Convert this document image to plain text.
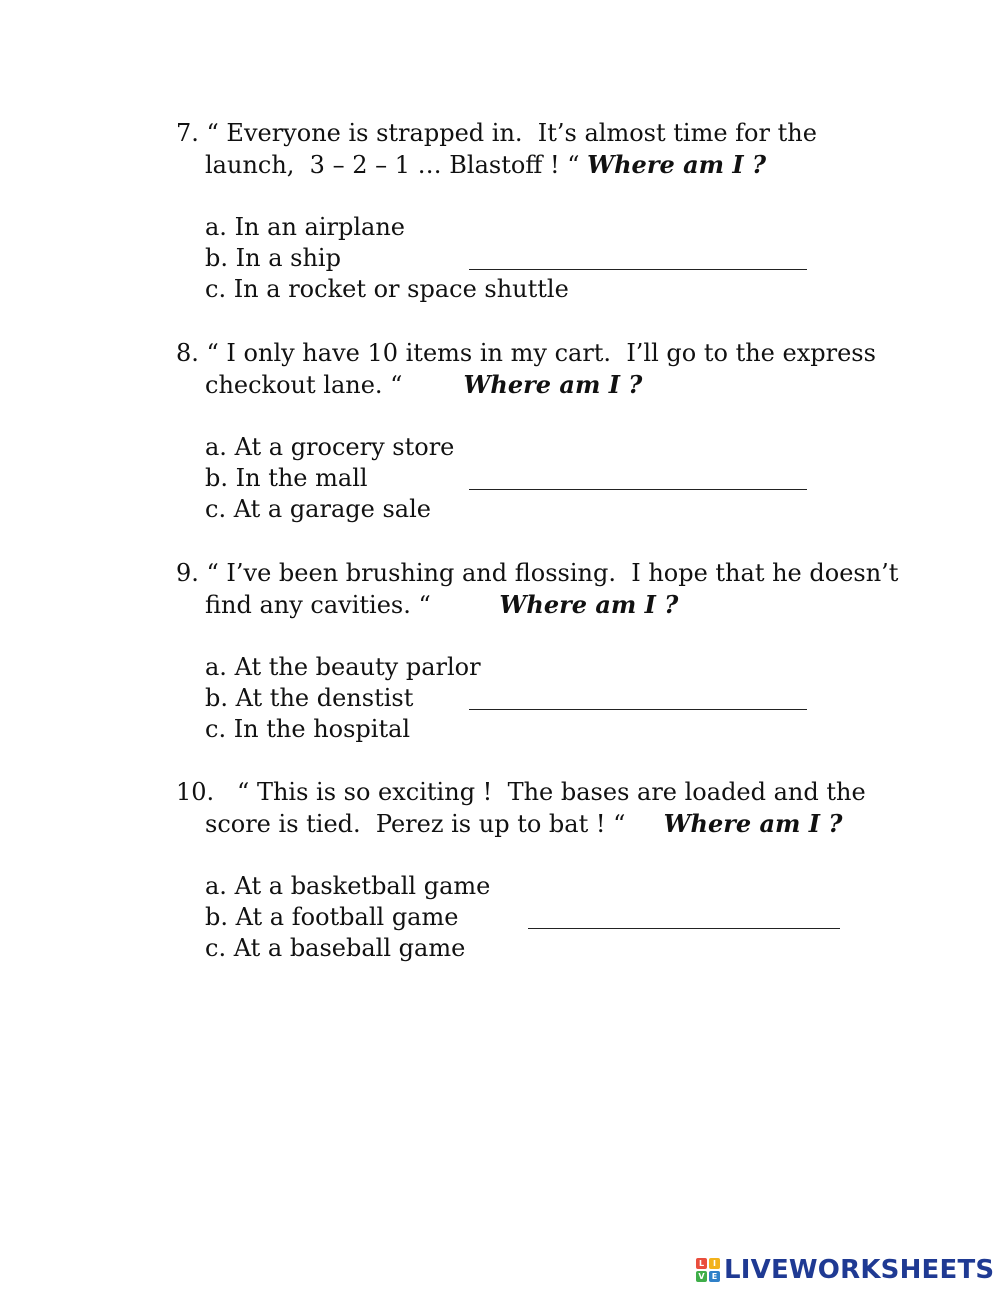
7. “ Everyone is strapped in.  It’s almost time for the
launch,  3 – 2 – 1 … Blastoff ! “ Where am I ?
a. In an airplane
b. In a ship
c. In a rocket or space shuttle
8. “ I only have 10 items in my cart.  I’ll go to the express
checkout lane. “        Where am I ?
a. At a grocery store
b. In the mall
c. At a garage sale
9. “ I’ve been brushing and flossing.  I hope that he doesn’t
find any cavities. “         Where am I ?
a. At the beauty parlor
b. At the denstist
c. In the hospital
10.   “ This is so exciting !  The bases are loaded and the
score is tied.  Perez is up to bat ! “     Where am I ?
a. At a basketball game
b. At a football game
c. At a baseball game
L	I
V E LIVEWORKSHEETS
